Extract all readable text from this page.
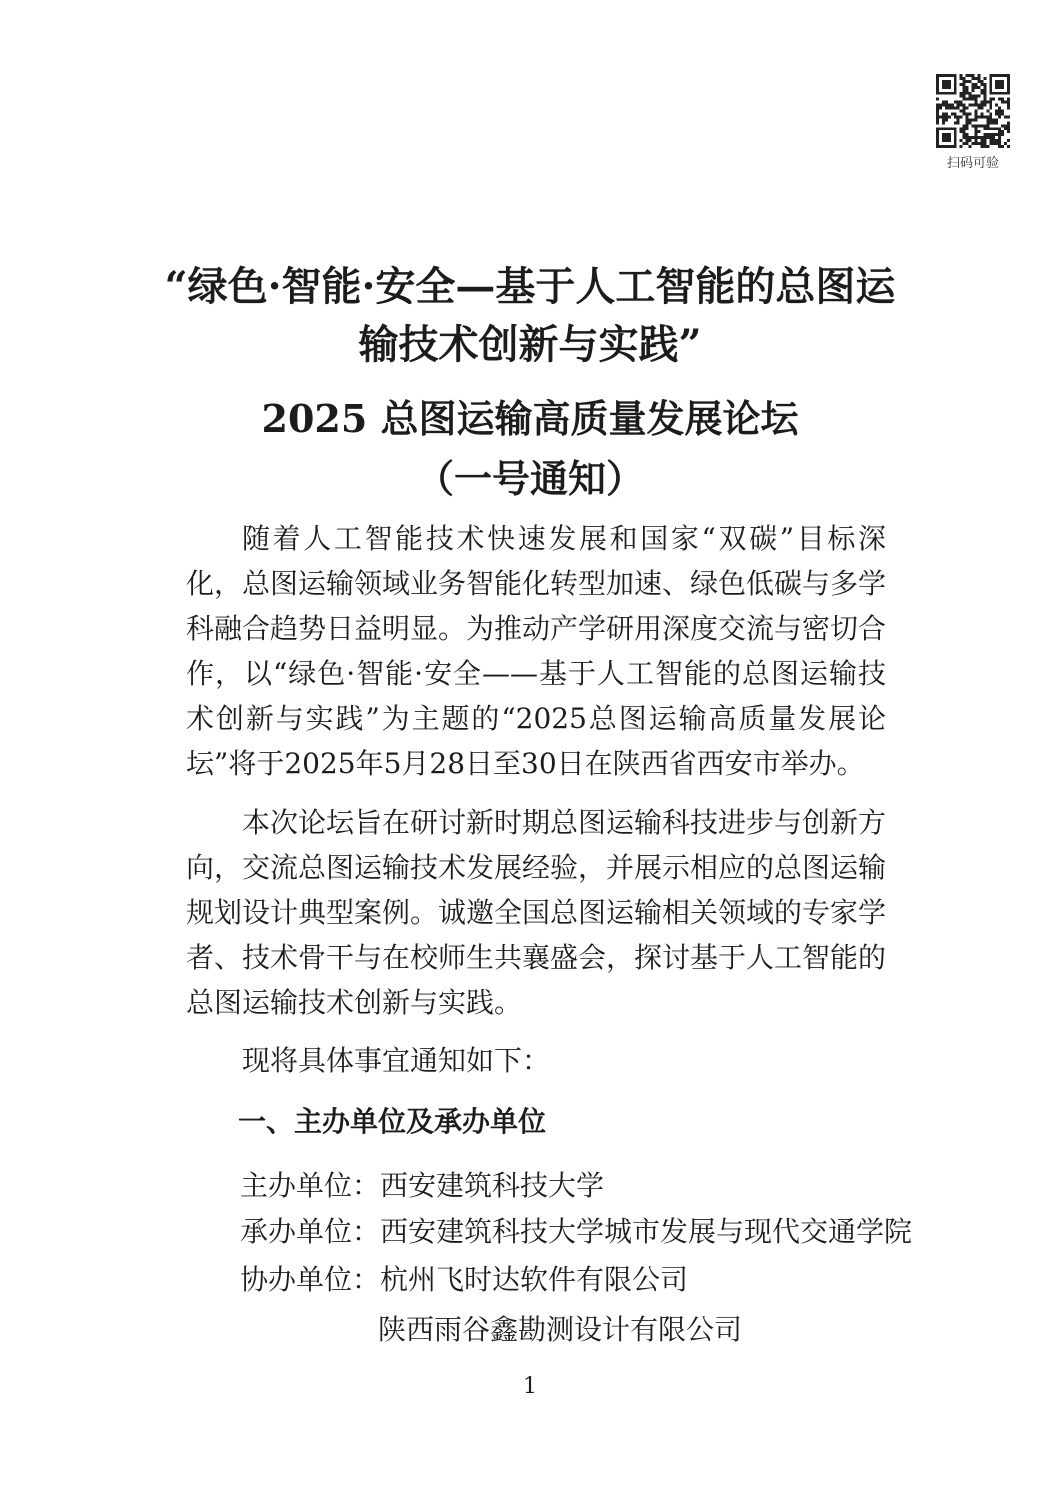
扫码可验
“绿色·智能·安全—基于人工智能的总图运
输技术创新与实践”
2025 总图运输高质量发展论坛
（一号通知）

随着人工智能技术快速发展和国家“双碳”目标深化，总图运输领域业务智能化转型加速、绿色低碳与多学科融合趋势日益明显。为推动产学研用深度交流与密切合作，以“绿色·智能·安全——基于人工智能的总图运输技术创新与实践”为主题的“2025总图运输高质量发展论坛”将于2025年5月28日至30日在陕西省西安市举办。

本次论坛旨在研讨新时期总图运输科技进步与创新方向，交流总图运输技术发展经验，并展示相应的总图运输规划设计典型案例。诚邀全国总图运输相关领域的专家学者、技术骨干与在校师生共襄盛会，探讨基于人工智能的总图运输技术创新与实践。

现将具体事宜通知如下：

一、主办单位及承办单位
主办单位：西安建筑科技大学
承办单位：西安建筑科技大学城市发展与现代交通学院
协办单位：杭州飞时达软件有限公司
陕西雨谷鑫勘测设计有限公司
1
